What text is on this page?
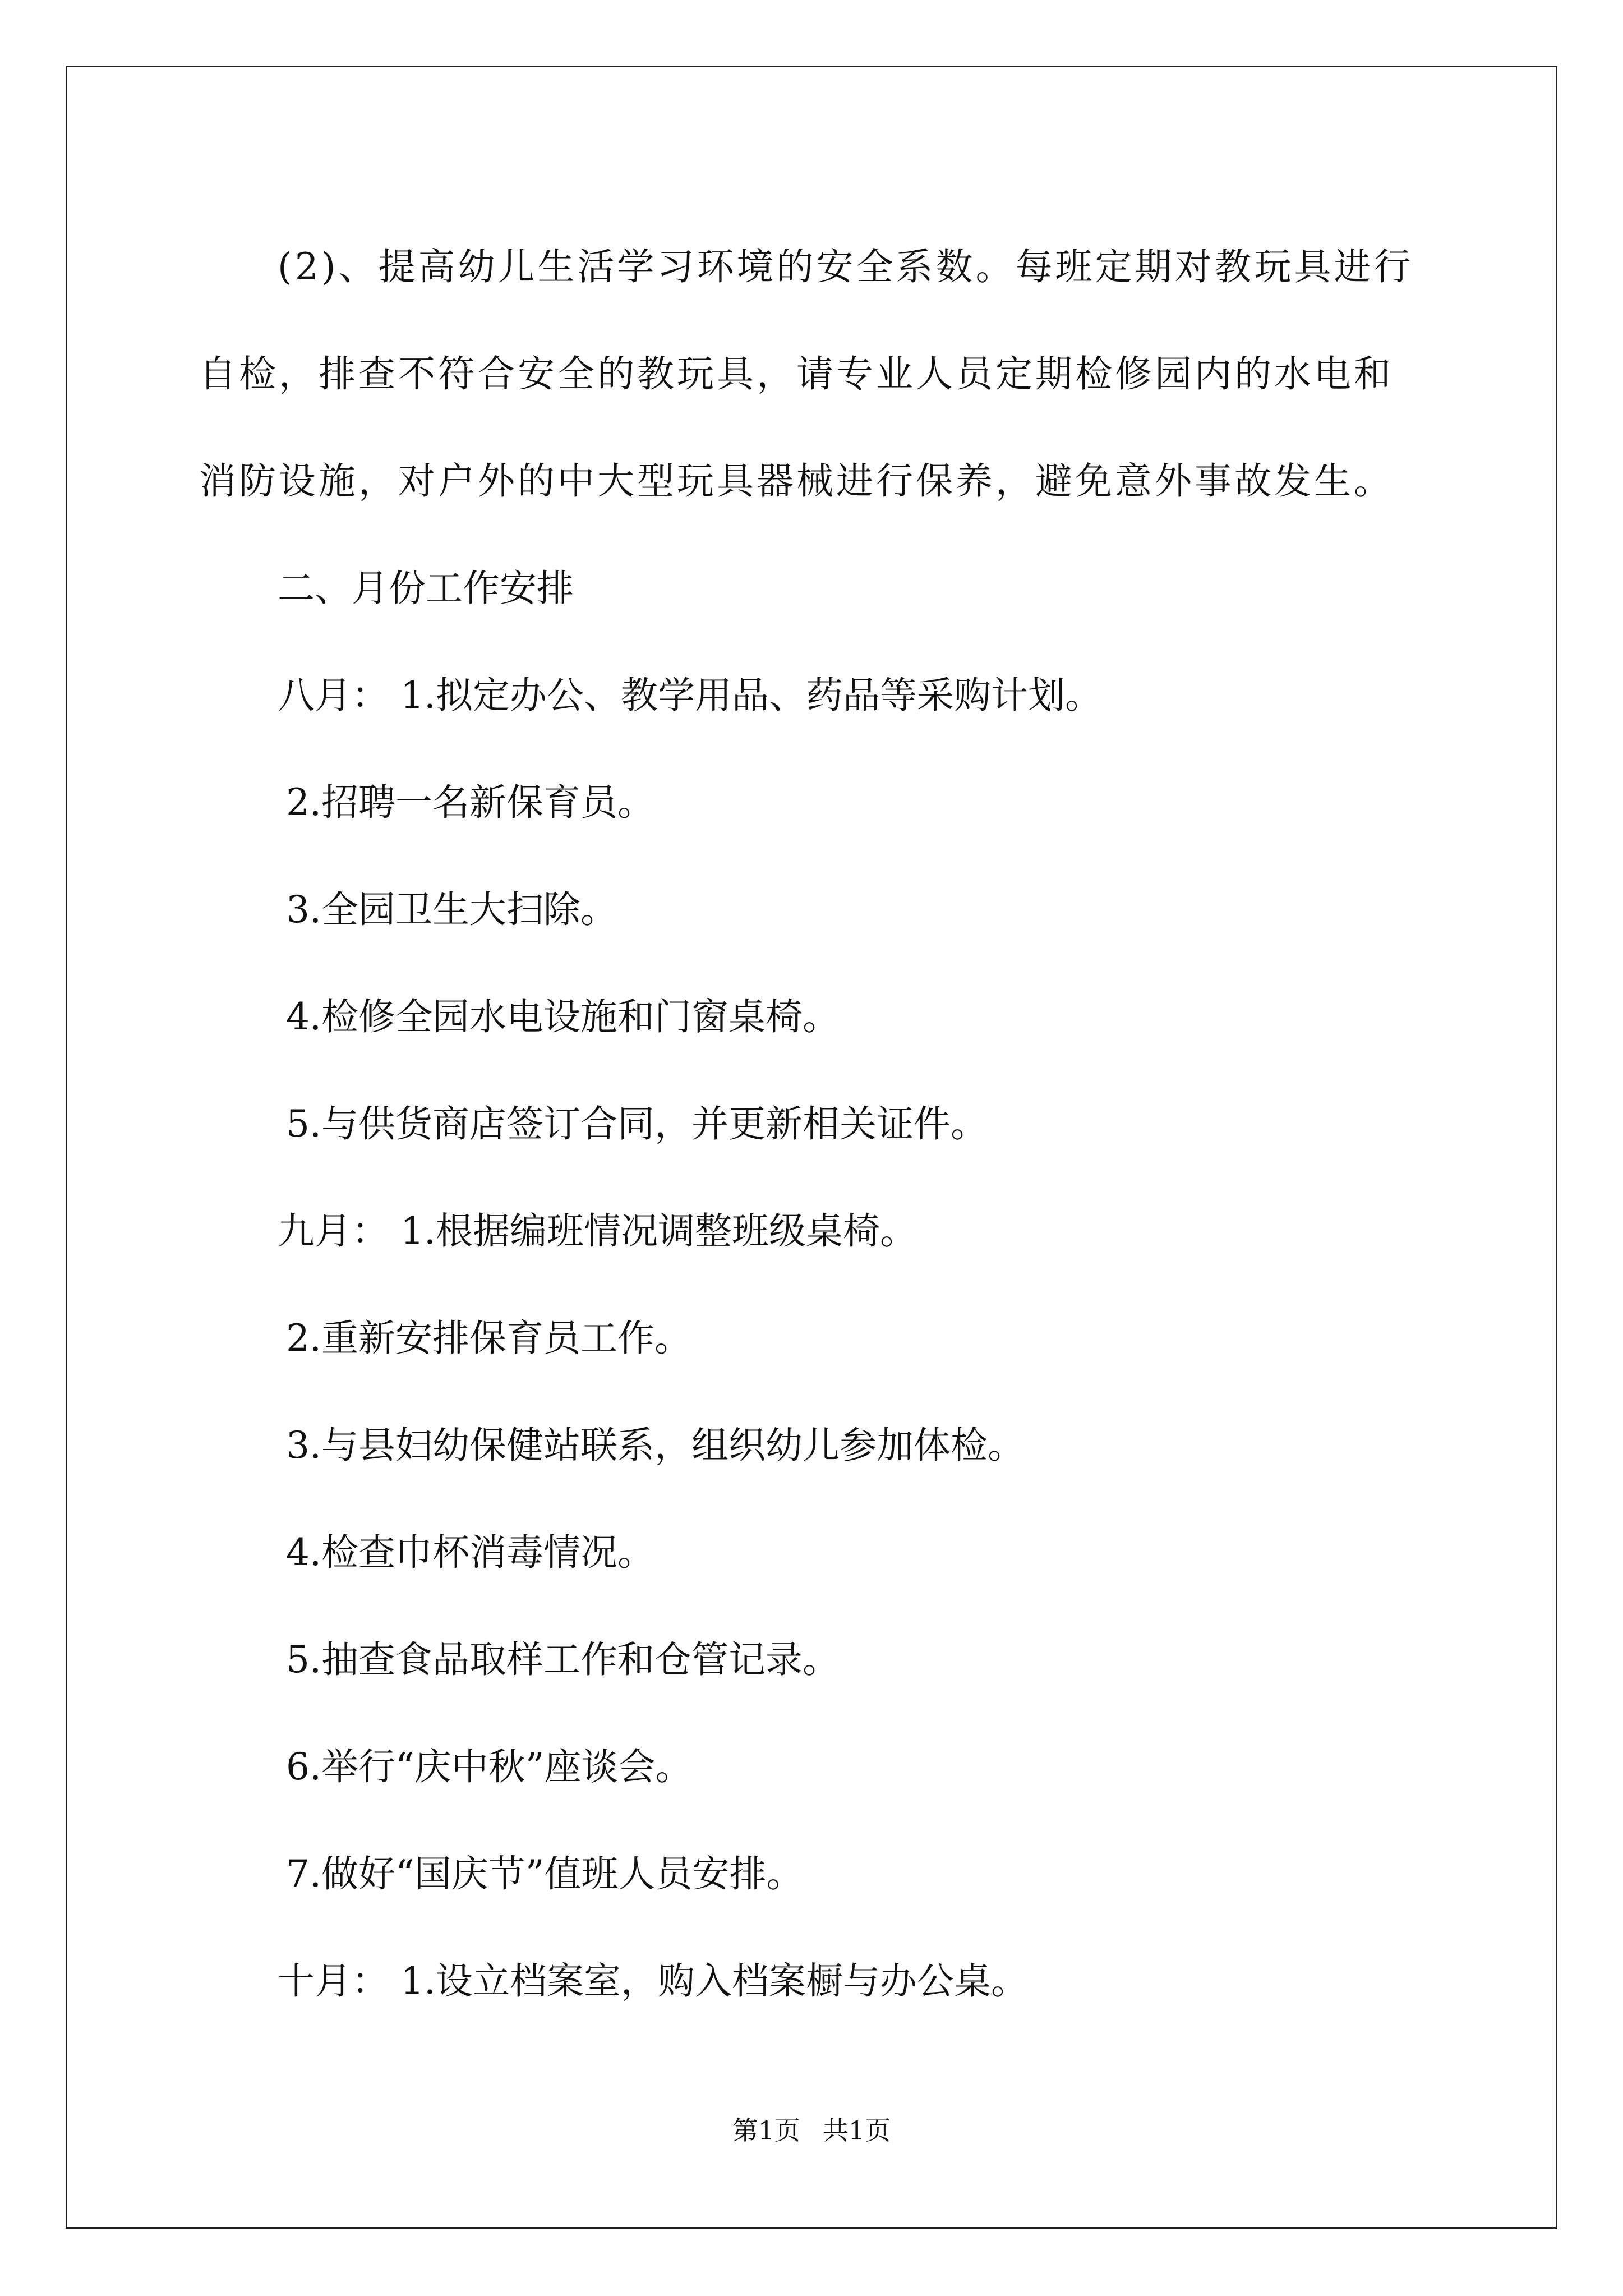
(2)、提高幼儿生活学习环境的安全系数。每班定期对教玩具进行自检，排查不符合安全的教玩具，请专业人员定期检修园内的水电和消防设施，对户外的中大型玩具器械进行保养，避免意外事故发生。

二、月份工作安排

八月： 1.拟定办公、教学用品、药品等采购计划。

2.招聘一名新保育员。

3.全园卫生大扫除。

4.检修全园水电设施和门窗桌椅。

5.与供货商店签订合同，并更新相关证件。

九月： 1.根据编班情况调整班级桌椅。

2.重新安排保育员工作。

3.与县妇幼保健站联系，组织幼儿参加体检。

4.检查巾杯消毒情况。

5.抽查食品取样工作和仓管记录。

6.举行“庆中秋”座谈会。

7.做好“国庆节”值班人员安排。

十月： 1.设立档案室，购入档案橱与办公桌。

第1页 共1页
